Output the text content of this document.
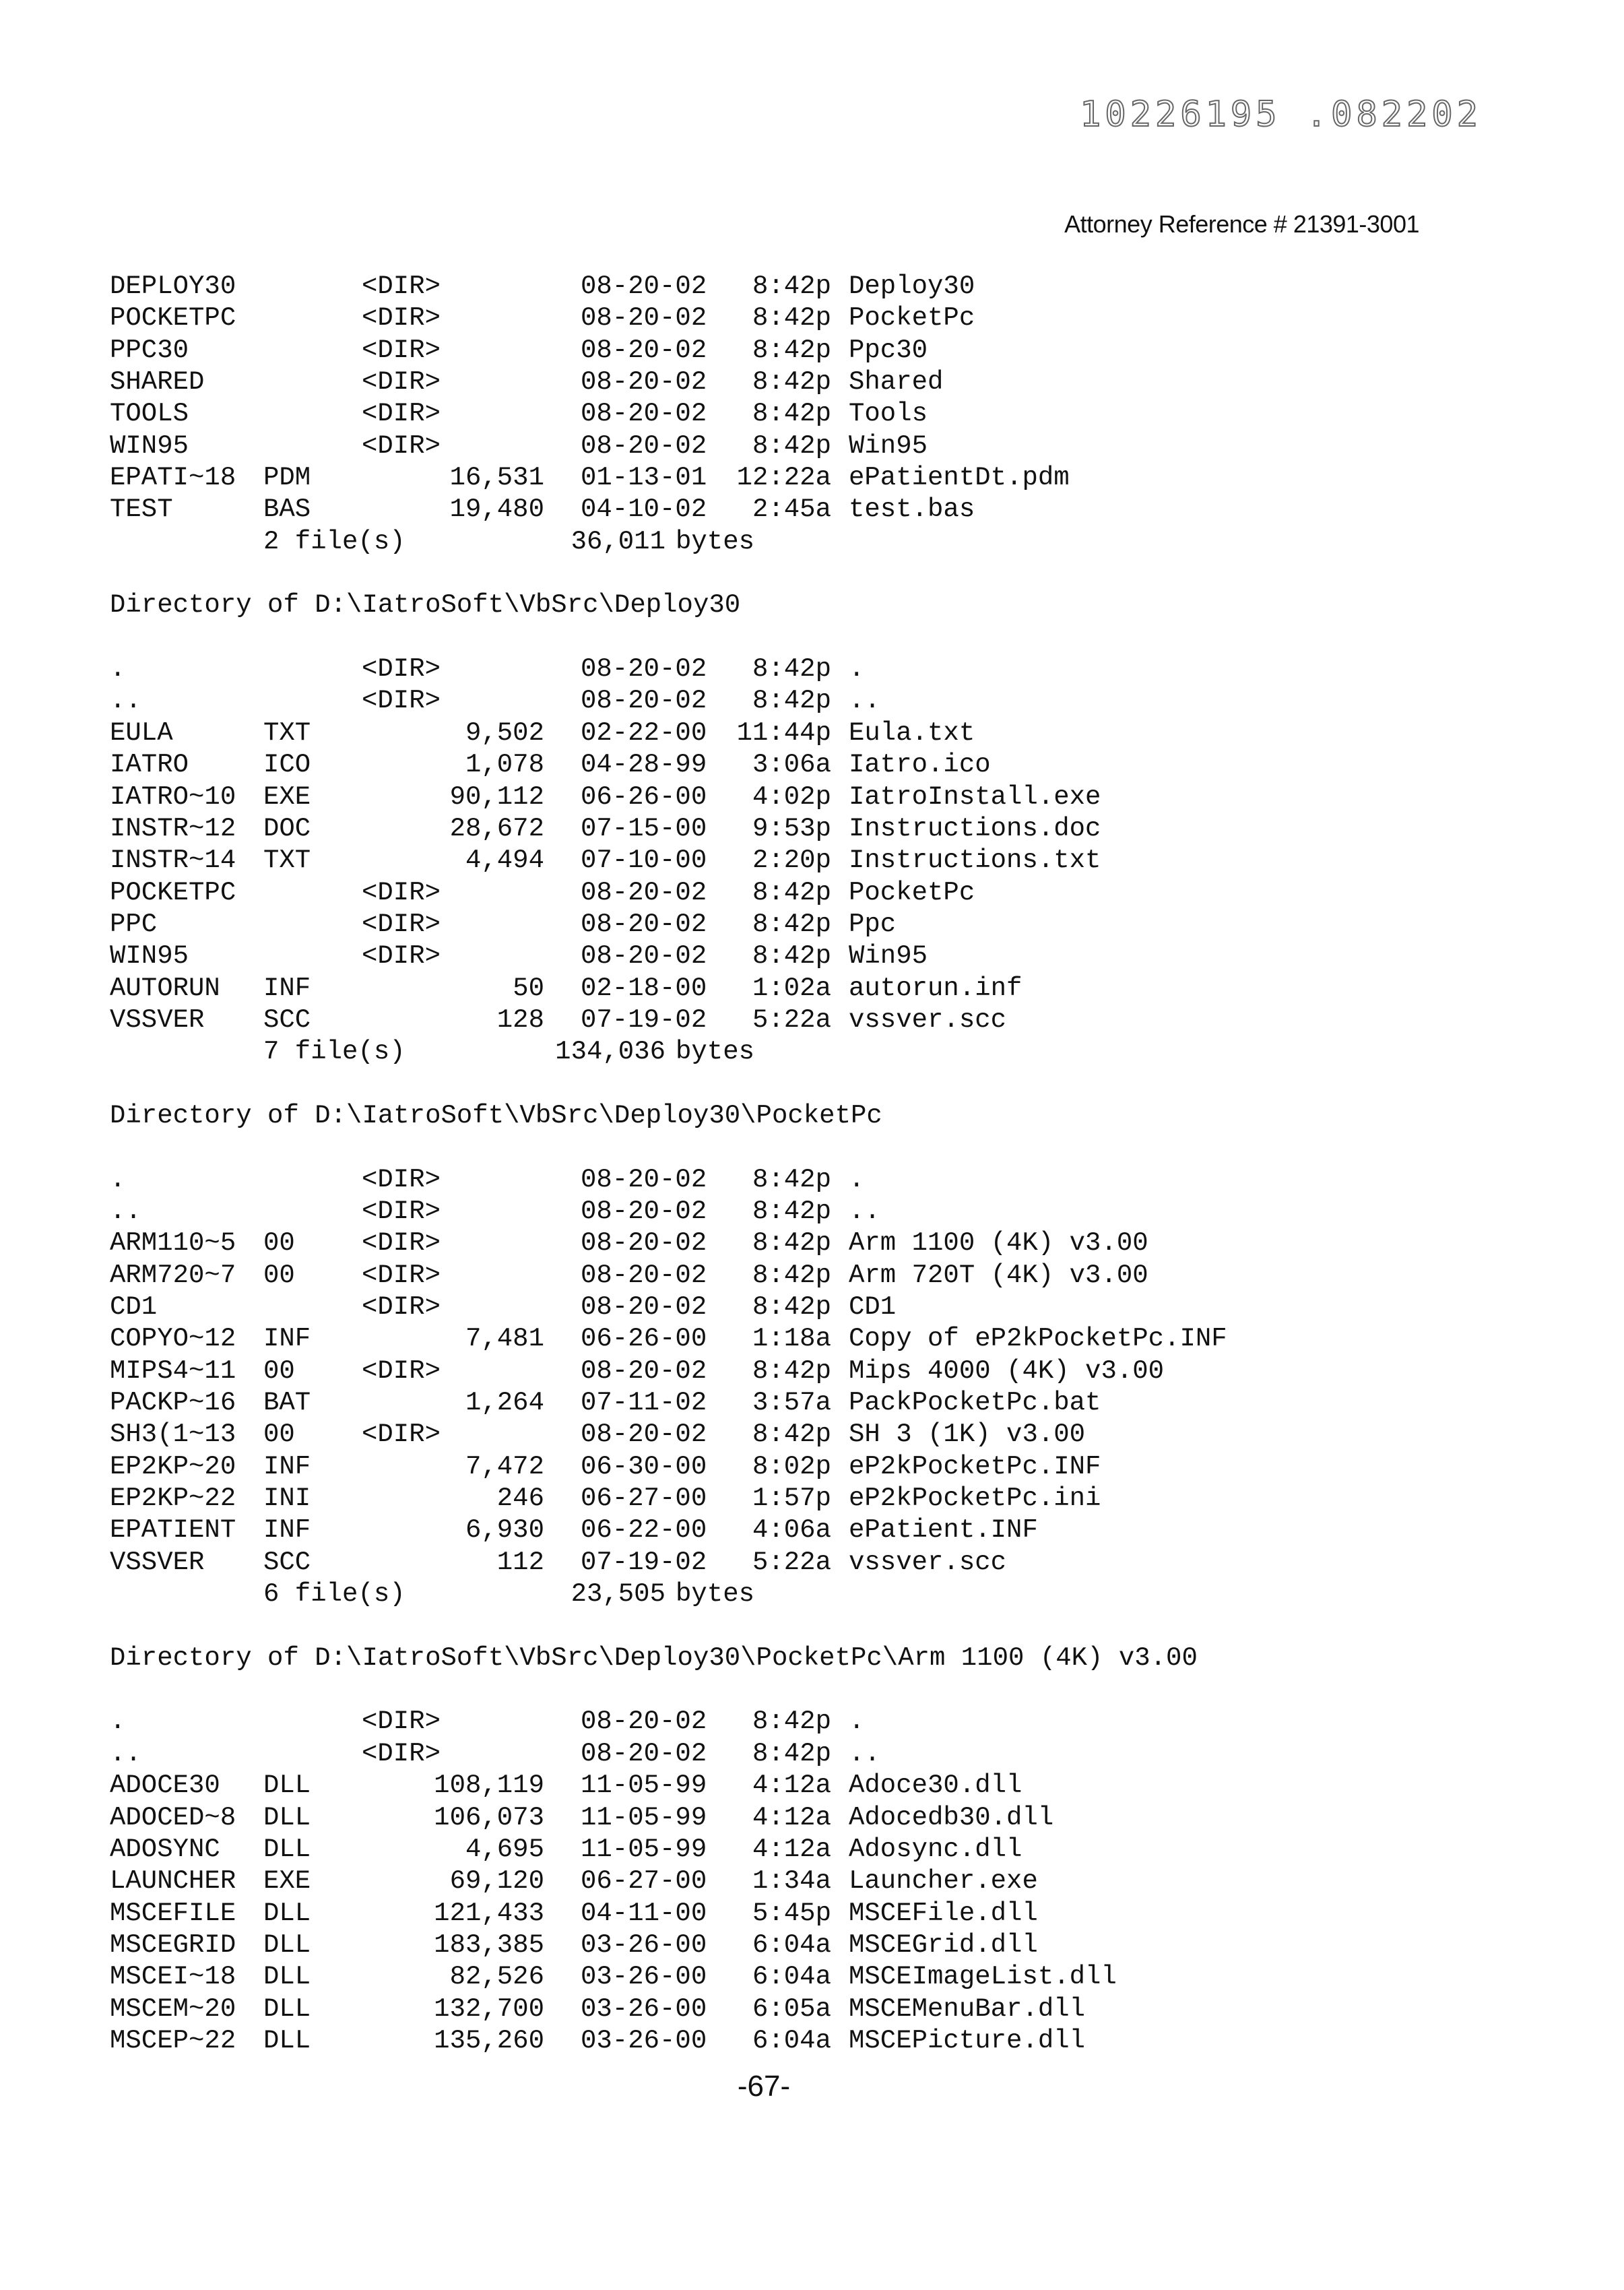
10226195 .082202
Attorney Reference # 21391-3001
DEPLOY30	<DIR>	08-20-02 8:42p Deploy30
POCKETPC	<DIR>	08-20-02 8:42p PocketPc
PPC30	<DIR>	08-20-02 8:42p Ppc30
SHARED	<DIR>	08-20-02 8:42p Shared
TOOLS	<DIR>	08-20-02 8:42p Tools
WIN95	<DIR>	08-20-02 8:42p Win95
EPATI~18 PDM	16,531 01-13-01 12:22a ePatientDt.pdm
TEST	BAS	19,480 04-10-02 2:45a test.bas
2 file(s)	36,011 bytes
Directory of D:\IatroSoft\VbSrc\Deploy30
.	<DIR>	08-20-02 8:42p .
..	<DIR>	08-20-02 8:42p ..
EULA	TXT	9,502 02-22-00 11:44p Eula.txt
IATRO	ICO	1,078 04-28-99 3:06a Iatro.ico
IATRO~10 EXE	90,112 06-26-00 4:02p IatroInstall.exe
INSTR~12 DOC	28,672 07-15-00 9:53p Instructions.doc
INSTR~14 TXT	4,494 07-10-00 2:20p Instructions.txt
POCKETPC	<DIR>	08-20-02 8:42p PocketPc
PPC	<DIR>	08-20-02 8:42p Ppc
WIN95	<DIR>	08-20-02 8:42p Win95
AUTORUN INF	50 02-18-00 1:02a autorun.inf
VSSVER SCC	128 07-19-02 5:22a vssver.scc
7 file(s)	134,036 bytes
Directory of D:\IatroSoft\VbSrc\Deploy30\PocketPc
.	<DIR>	08-20-02 8:42p .
..	<DIR>	08-20-02 8:42p ..
ARM110~5 00	<DIR>	08-20-02 8:42p Arm 1100 (4K) v3.00
ARM720~7 00	<DIR>	08-20-02 8:42p Arm 720T (4K) v3.00
CD1	<DIR>	08-20-02 8:42p CD1
COPYO~12 INF	7,481 06-26-00 1:18a Copy of eP2kPocketPc.INF
MIPS4~11 00	<DIR>	08-20-02 8:42p Mips 4000 (4K) v3.00
PACKP~16 BAT	1,264 07-11-02 3:57a PackPocketPc.bat
SH3(1~13 00	<DIR>	08-20-02 8:42p SH 3 (1K) v3.00
EP2KP~20 INF	7,472 06-30-00 8:02p eP2kPocketPc.INF
EP2KP~22 INI	246 06-27-00 1:57p eP2kPocketPc.ini
EPATIENT INF	6,930 06-22-00 4:06a ePatient.INF
VSSVER SCC	112 07-19-02 5:22a vssver.scc
6 file(s)	23,505 bytes
Directory of D:\IatroSoft\VbSrc\Deploy30\PocketPc\Arm 1100 (4K) v3.00
.	<DIR>	08-20-02 8:42p .
..	<DIR>	08-20-02 8:42p ..
ADOCE30 DLL	108,119 11-05-99 4:12a Adoce30.dll
ADOCED~8 DLL	106,073 11-05-99 4:12a Adocedb30.dll
ADOSYNC DLL	4,695 11-05-99 4:12a Adosync.dll
LAUNCHER EXE	69,120 06-27-00 1:34a Launcher.exe
MSCEFILE DLL	121,433 04-11-00 5:45p MSCEFile.dll
MSCEGRID DLL	183,385 03-26-00 6:04a MSCEGrid.dll
MSCEI~18 DLL	82,526 03-26-00 6:04a MSCEImageList.dll
MSCEM~20 DLL	132,700 03-26-00 6:05a MSCEMenuBar.dll
MSCEP~22 DLL	135,260 03-26-00 6:04a MSCEPicture.dll
-67-
